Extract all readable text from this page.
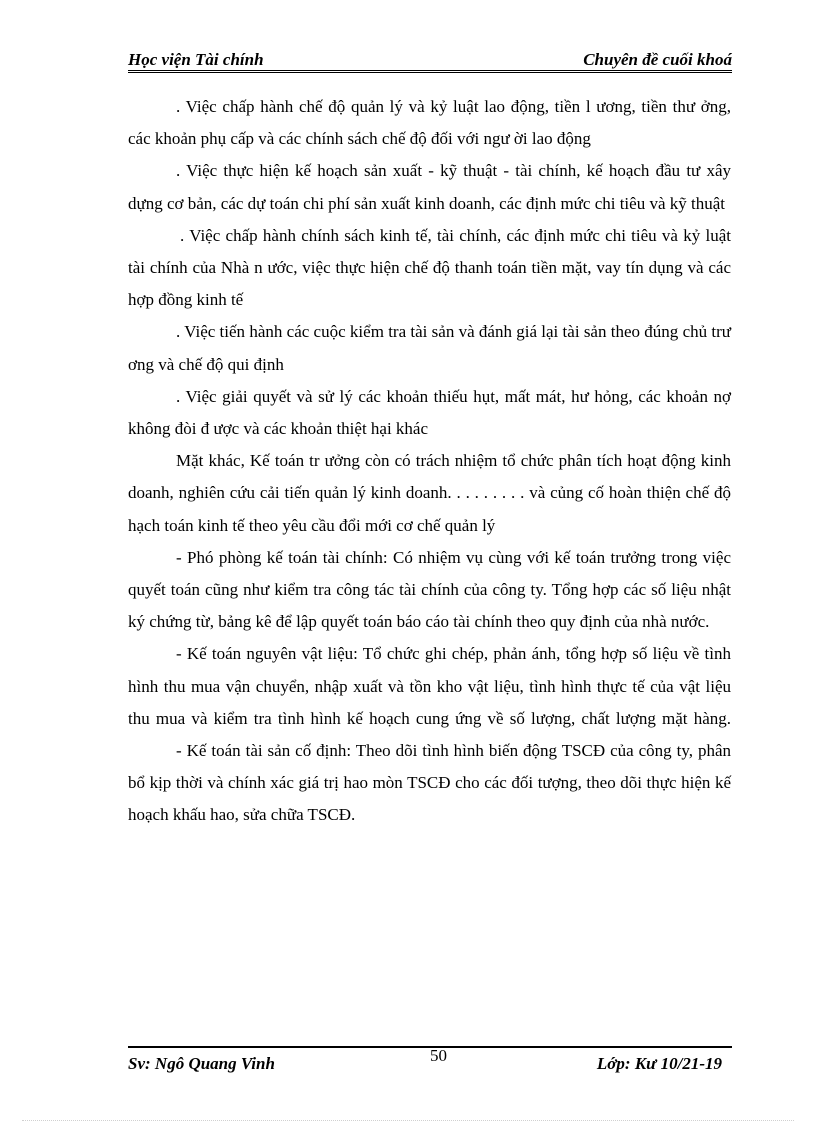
Học viện Tài chính	Chuyên đề cuối khoá

. Việc chấp hành chế độ quản lý và kỷ luật lao động, tiền l ương, tiền thư ởng, các khoản phụ cấp và các chính sách chế độ đối với ngư ời lao động

. Việc thực hiện kế hoạch sản xuất - kỹ thuật - tài chính, kế hoạch đầu tư xây dựng cơ bản, các dự toán chi phí sản xuất kinh doanh, các định mức chi tiêu và kỹ thuật

. Việc chấp hành chính sách kinh tế, tài chính, các định mức chi tiêu và kỷ luật tài chính của Nhà n ước, việc thực hiện chế độ thanh toán tiền mặt, vay tín dụng và các hợp đồng kinh tế

. Việc tiến hành các cuộc kiểm tra tài sản và đánh giá lại tài sản theo đúng chủ trư ơng và chế độ qui định

. Việc giải quyết và sử lý các khoản thiếu hụt, mất mát, hư hỏng, các khoản nợ không đòi đ ược và các khoản thiệt hại khác

Mặt khác, Kế toán tr ưởng còn có trách nhiệm tổ chức phân tích hoạt động kinh doanh, nghiên cứu cải tiến quản lý kinh doanh. . . . . . . . . và củng cố hoàn thiện chế độ hạch toán kinh tế theo yêu cầu đổi mới cơ chế quản lý

- Phó phòng kế toán tài chính: Có nhiệm vụ cùng với kế toán trưởng trong việc quyết toán cũng như kiểm tra công tác tài chính của công ty. Tổng hợp các số liệu nhật ký chứng từ, bảng kê để lập quyết toán báo cáo tài chính theo quy định của nhà nước.

- Kế toán nguyên vật liệu: Tổ chức ghi chép, phản ánh, tổng hợp số liệu về tình hình thu mua vận chuyển, nhập xuất và tồn kho vật liệu, tình hình thực tế của vật liệu thu mua và kiểm tra tình hình kế hoạch cung ứng về số lượng, chất lượng mặt hàng.

- Kế toán tài sản cố định: Theo dõi tình hình biến động TSCĐ của công ty, phân bổ kịp thời và chính xác giá trị hao mòn TSCĐ cho các đối tượng, theo dõi thực hiện kế hoạch khấu hao, sửa chữa TSCĐ.

50
Sv: Ngô Quang Vinh	Lớp: Kư 10/21-19
